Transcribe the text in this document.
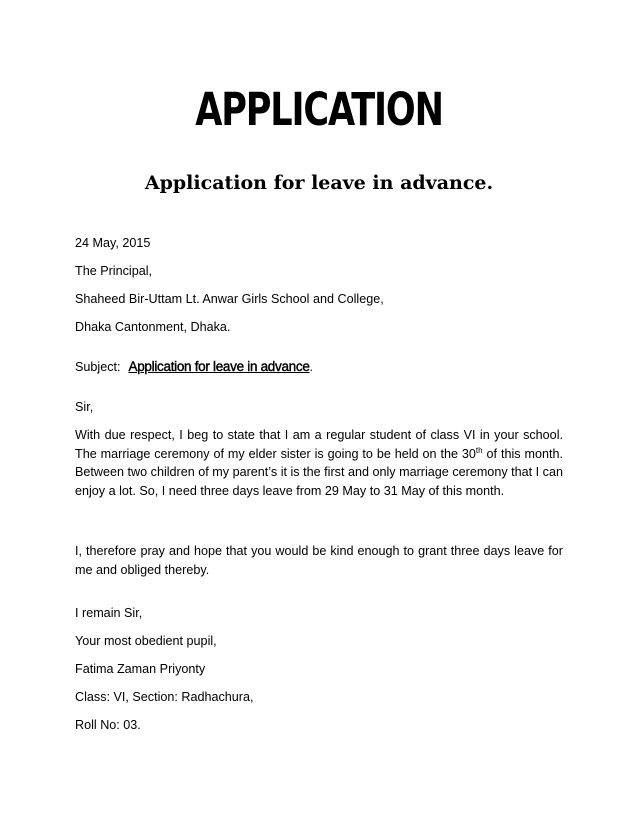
APPLICATION
Application for leave in advance.
24 May, 2015
The Principal,
Shaheed Bir-Uttam Lt. Anwar Girls School and College,
Dhaka Cantonment, Dhaka.
Subject: Application for leave in advance.
Sir,
With due respect, I beg to state that I am a regular student of class VI in your school. The marriage ceremony of my elder sister is going to be held on the 30th of this month. Between two children of my parent’s it is the first and only marriage ceremony that I can enjoy a lot. So, I need three days leave from 29 May to 31 May of this month.
I, therefore pray and hope that you would be kind enough to grant three days leave for me and obliged thereby.
I remain Sir,
Your most obedient pupil,
Fatima Zaman Priyonty
Class: VI, Section: Radhachura,
Roll No: 03.
